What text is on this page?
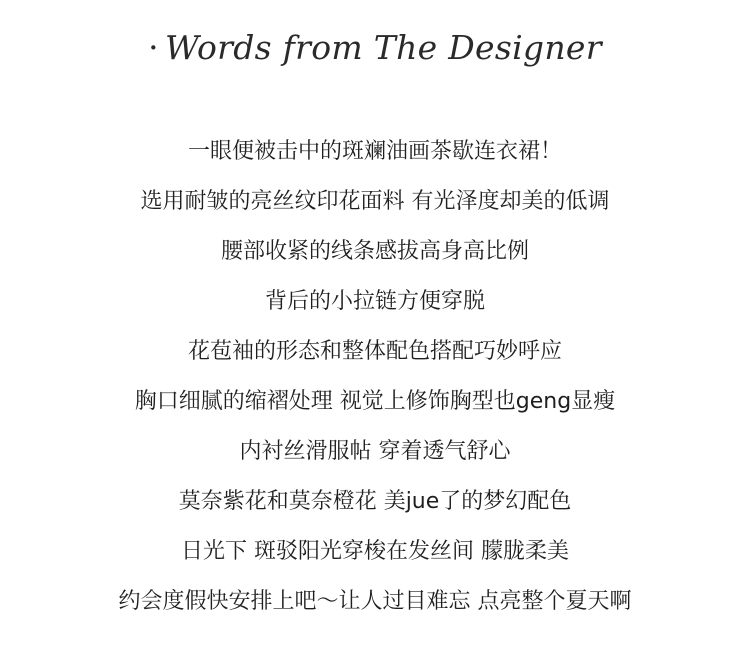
· Words from The Designer
一眼便被击中的斑斓油画茶歇连衣裙！
选用耐皱的亮丝纹印花面料 有光泽度却美的低调
腰部收紧的线条感拔高身高比例
背后的小拉链方便穿脱
花苞袖的形态和整体配色搭配巧妙呼应
胸口细腻的缩褶处理 视觉上修饰胸型也geng显瘦
内衬丝滑服帖 穿着透气舒心
莫奈紫花和莫奈橙花 美jue了的梦幻配色
日光下 斑驳阳光穿梭在发丝间 朦胧柔美
约会度假快安排上吧～让人过目难忘 点亮整个夏天啊
